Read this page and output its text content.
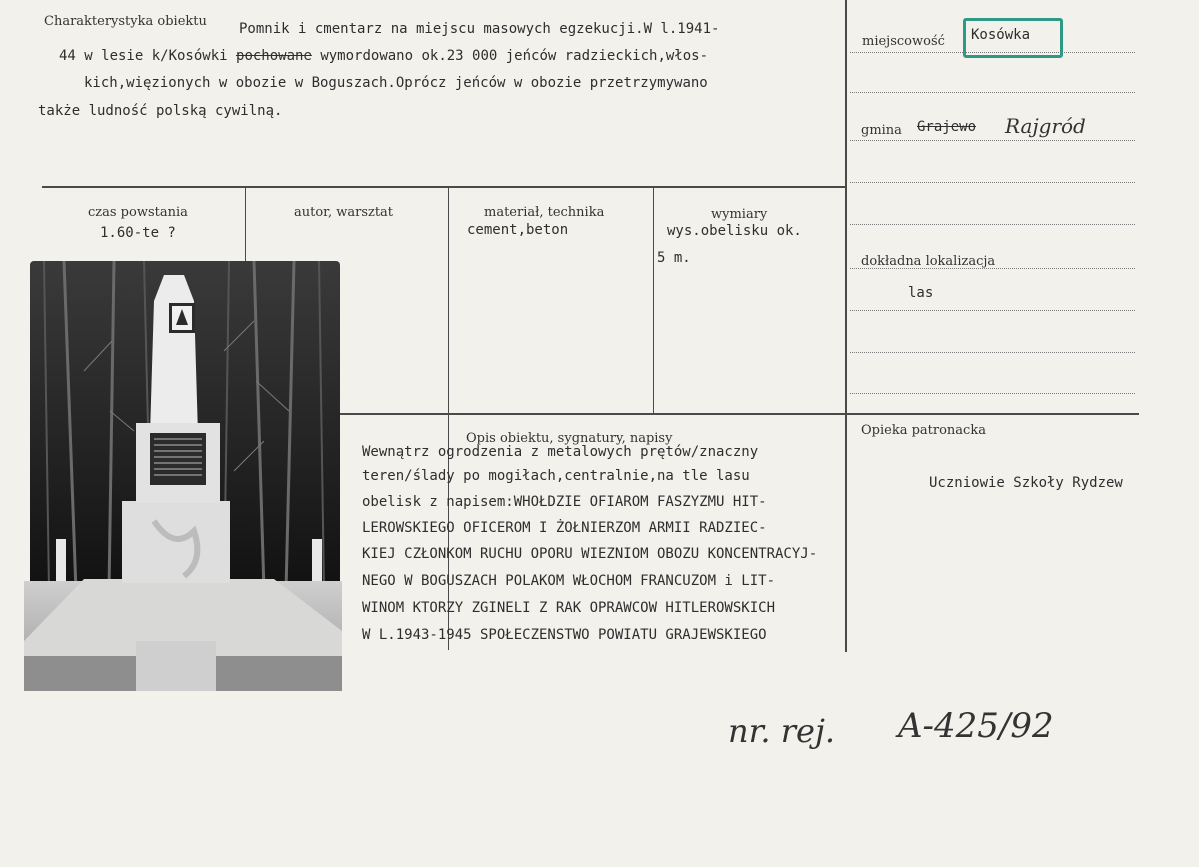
Charakterystyka obiektu Pomnik i cmentarz na miejscu masowych egzekucji.W l.1941-
44 w lesie k/Kosówki pochowane wymordowano ok.23 000 jeńców radzieckich,włos-
kich,więzionych w obozie w Boguszach.Oprócz jeńców w obozie przetrzymywano
także ludność polską cywilną.
miejscowość Kosówka
gmina Grajewo Rajgród
dokładna lokalizacja
las
Opieka patronacka
Uczniowie Szkoły Rydzew
czas powstania
1.60-te ?
autor, warsztat	materiał, technika
cement,beton
wymiary
wys.obelisku ok.
5 m.
Opis obiektu, sygnatury, napisy
Wewnątrz ogrodzenia z metalowych prętów/znaczny
teren/ślady po mogiłach,centralnie,na tle lasu
obelisk z napisem:WHOŁDZIE OFIAROM FASZYZMU HIT-
LEROWSKIEGO OFICEROM I ŻOŁNIERZOM ARMII RADZIEC-
KIEJ CZŁONKOM RUCHU OPORU WIEZNIOM OBOZU KONCENTRACYJ-
NEGO W BOGUSZACH POLAKOM WŁOCHOM FRANCUZOM i LIT-
WINOM KTORZY ZGINELI Z RAK OPRAWCOW HITLEROWSKICH
W L.1943-1945 SPOŁECZENSTWO POWIATU GRAJEWSKIEGO
nr. rej. A-425/92
